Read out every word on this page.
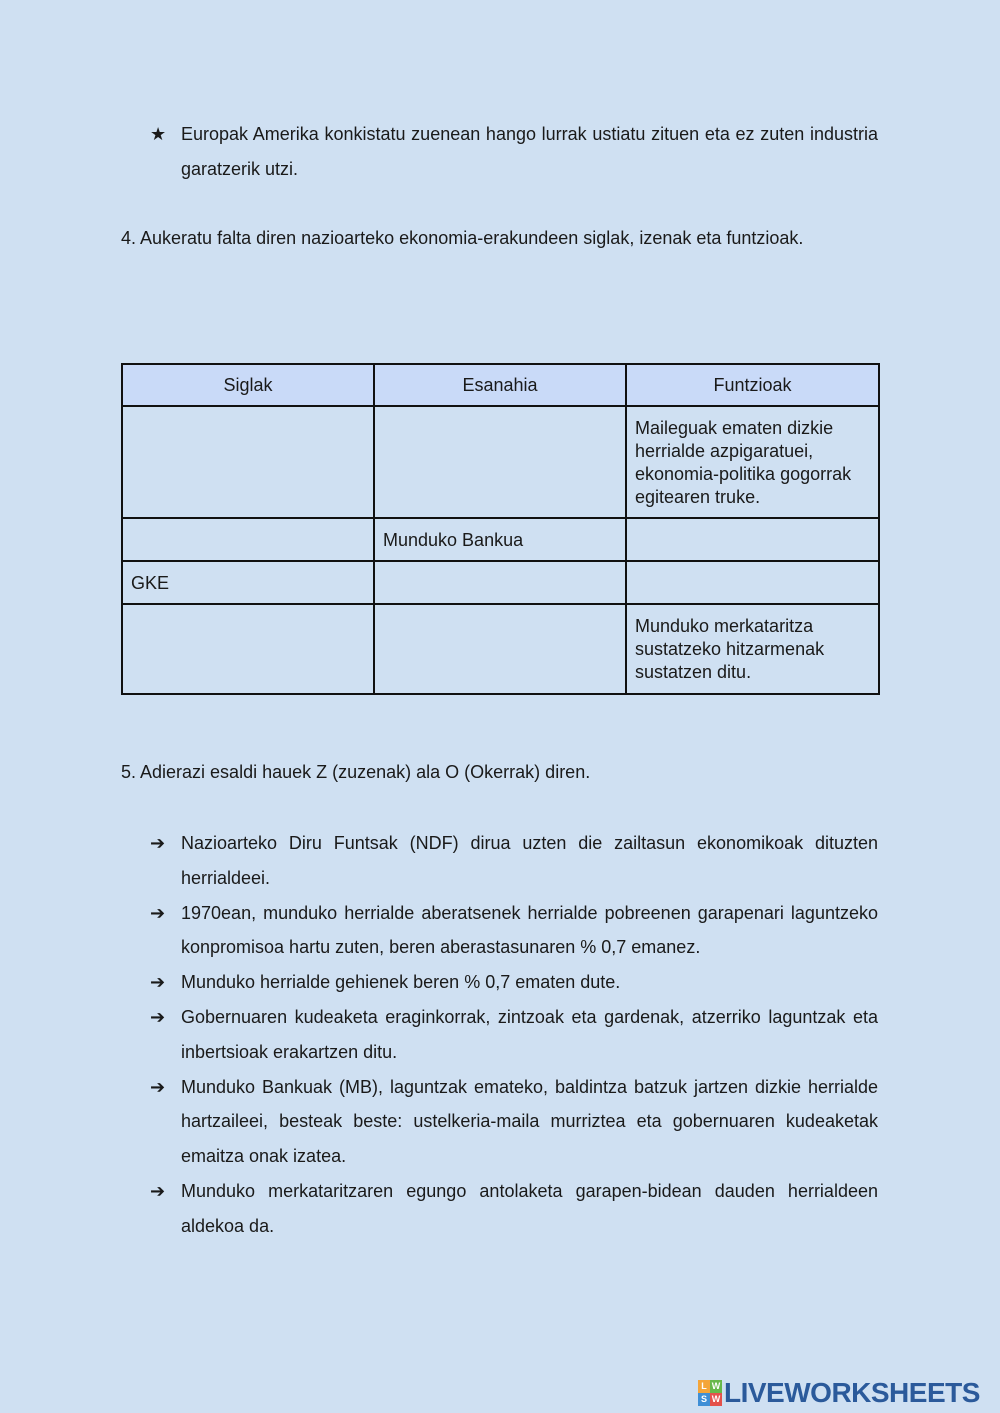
★ Europak Amerika konkistatu zuenean hango lurrak ustiatu zituen eta ez zuten industria garatzerik utzi.
4. Aukeratu falta diren nazioarteko ekonomia-erakundeen siglak, izenak eta funtzioak.
Siglak	Esanahia	Funtzioak
		Maileguak ematen dizkie herrialde azpigaratuei, ekonomia-politika gogorrak egitearen truke.
	Munduko Bankua	
GKE		
		Munduko merkataritza sustatzeko hitzarmenak sustatzen ditu.
5. Adierazi esaldi hauek Z (zuzenak) ala O (Okerrak) diren.
➔ Nazioarteko Diru Funtsak (NDF) dirua uzten die zailtasun ekonomikoak dituzten herrialdeei.
➔ 1970ean, munduko herrialde aberatsenek herrialde pobreenen garapenari laguntzeko konpromisoa hartu zuten, beren aberastasunaren % 0,7 emanez.
➔ Munduko herrialde gehienek beren % 0,7 ematen dute.
➔ Gobernuaren kudeaketa eraginkorrak, zintzoak eta gardenak, atzerriko laguntzak eta inbertsioak erakartzen ditu.
➔ Munduko Bankuak (MB), laguntzak emateko, baldintza batzuk jartzen dizkie herrialde hartzaileei, besteak beste: ustelkeria-maila murriztea eta gobernuaren kudeaketak emaitza onak izatea.
➔ Munduko merkataritzaren egungo antolaketa garapen-bidean dauden herrialdeen aldekoa da.
L W
S W LIVEWORKSHEETS
